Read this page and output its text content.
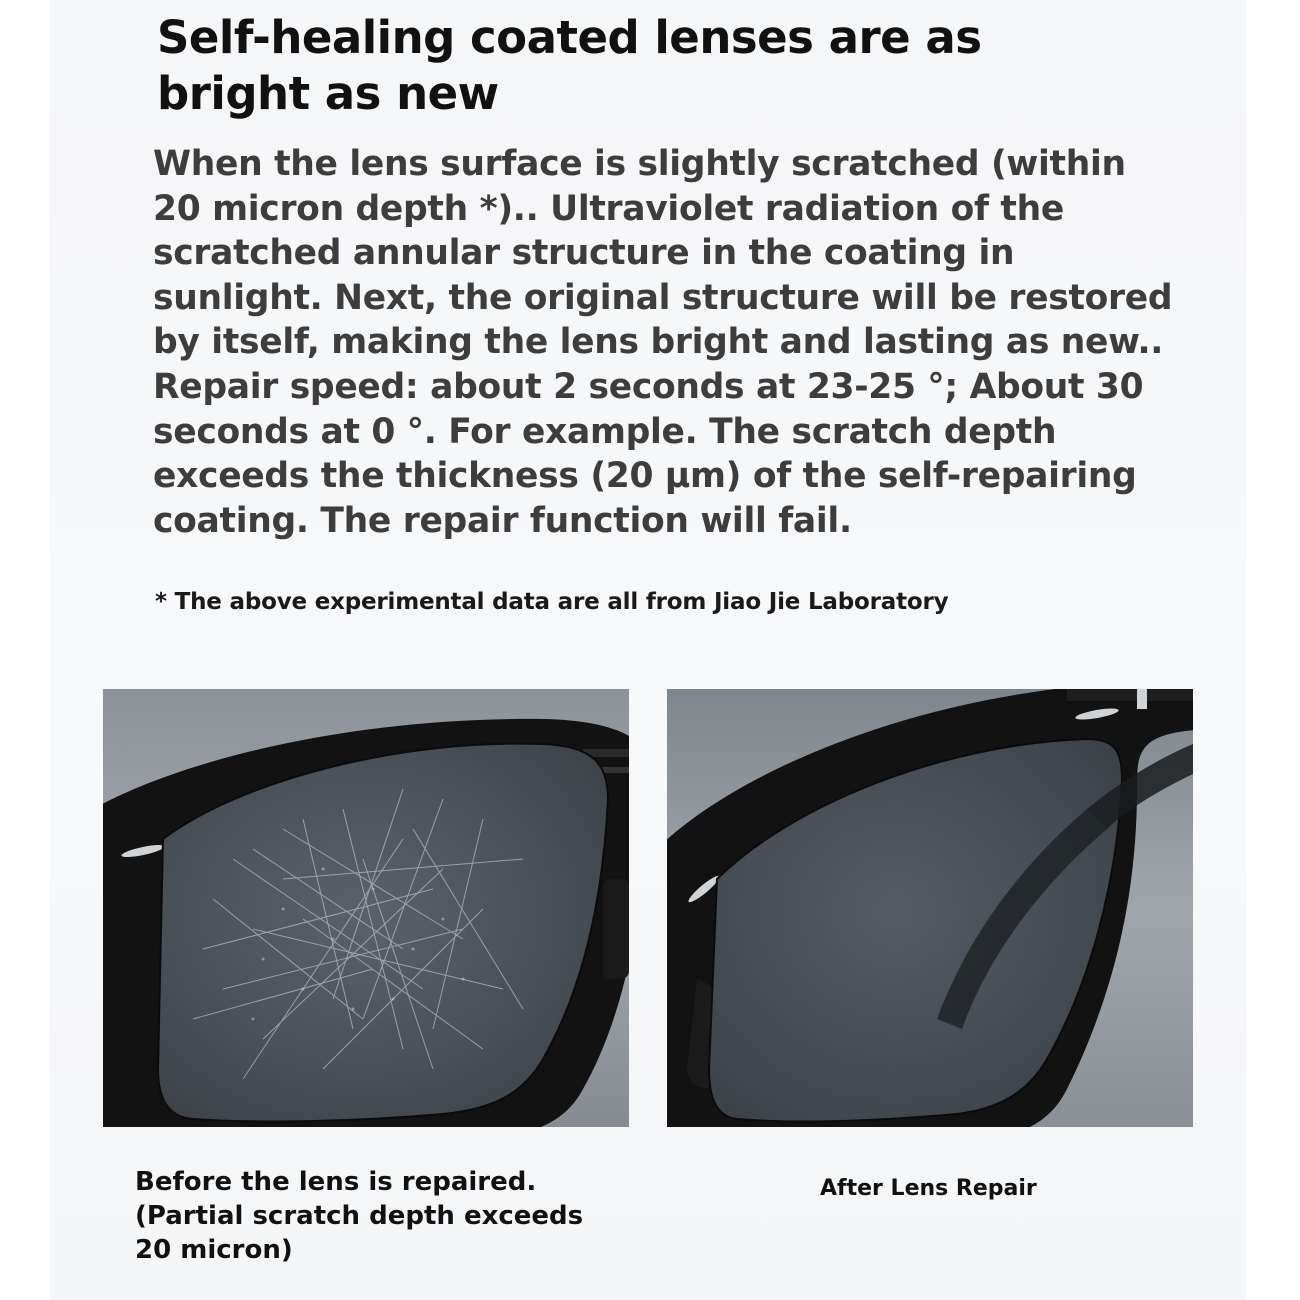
Self-healing coated lenses are as bright as new

When the lens surface is slightly scratched (within 20 micron depth *).. Ultraviolet radiation of the scratched annular structure in the coating in sunlight. Next, the original structure will be restored by itself, making the lens bright and lasting as new.. Repair speed: about 2 seconds at 23-25 °; About 30 seconds at 0 °. For example. The scratch depth exceeds the thickness (20 μm) of the self-repairing coating. The repair function will fail.

* The above experimental data are all from Jiao Jie Laboratory

Before the lens is repaired.
(Partial scratch depth exceeds
20 micron)

After Lens Repair
